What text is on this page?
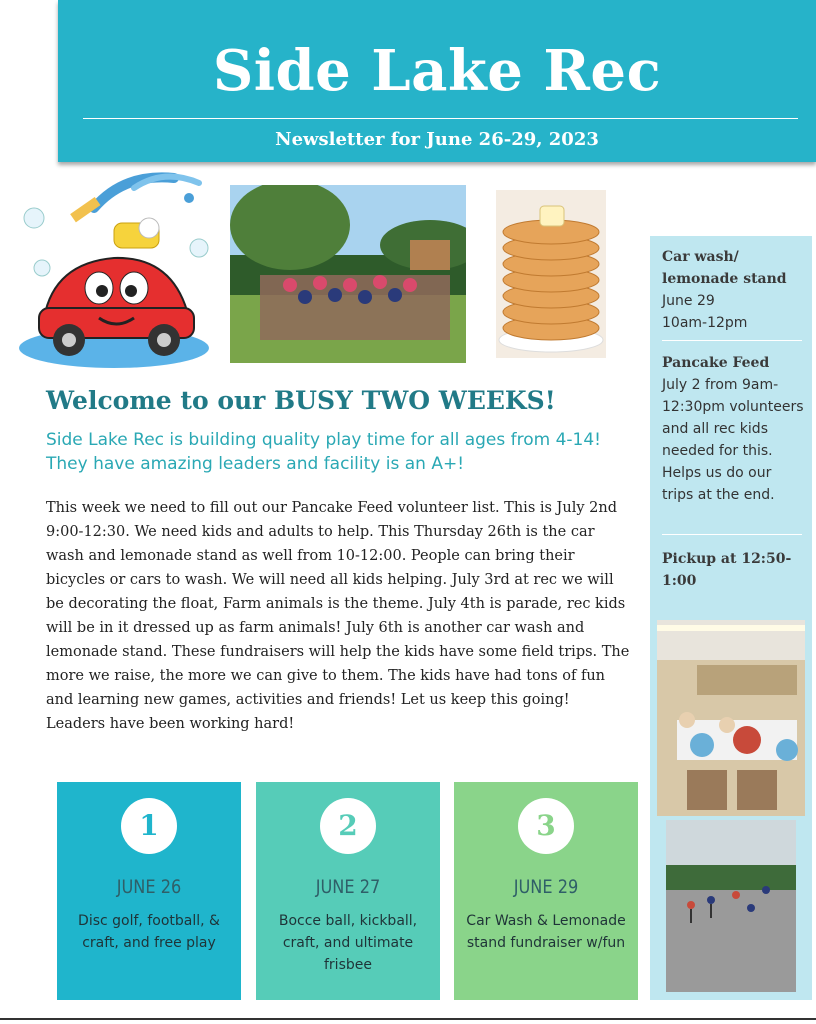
Side Lake Rec
Newsletter for June 26-29, 2023
Welcome to our BUSY TWO WEEKS!
Side Lake Rec is building quality play time for all ages from 4-14! They have amazing leaders and facility is an A+!
This week we need to fill out our Pancake Feed volunteer list. This is July 2nd 9:00-12:30. We need kids and adults to help. This Thursday 26th is the car wash and lemonade stand as well from 10-12:00. People can bring their bicycles or cars to wash. We will need all kids helping. July 3rd at rec we will be decorating the float, Farm animals is the theme. July 4th is parade, rec kids will be in it dressed up as farm animals! July 6th is another car wash and lemonade stand. These fundraisers will help the kids have some field trips. The more we raise, the more we can give to them. The kids have had tons of fun and learning new games, activities and friends! Let us keep this going! Leaders have been working hard!
Car wash/ lemonade stand
June 29
10am-12pm
Pancake Feed
July 2 from 9am-12:30pm volunteers and all rec kids needed for this. Helps us do our trips at the end.
Pickup at 12:50-1:00
1
JUNE 26
Disc golf, football, & craft, and free play
2
JUNE 27
Bocce ball, kickball, craft, and ultimate frisbee
3
JUNE 29
Car Wash & Lemonade stand fundraiser w/fun
